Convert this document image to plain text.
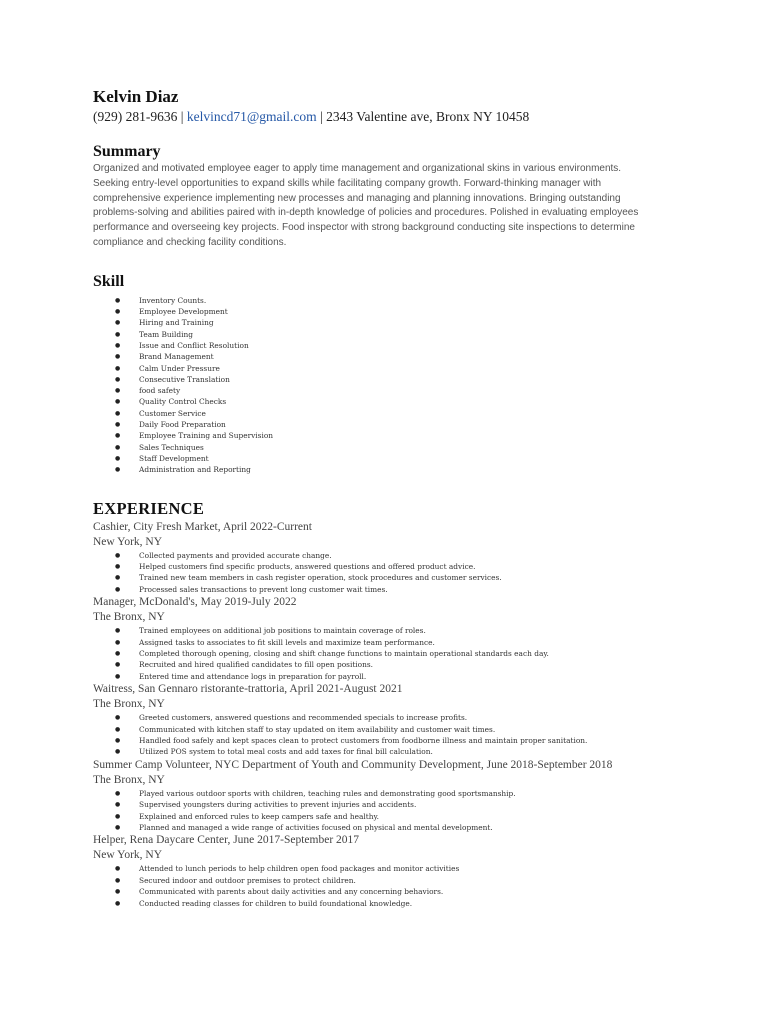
Kelvin Diaz

(929) 281-9636 | kelvincd71@gmail.com | 2343 Valentine ave, Bronx NY 10458

Summary

Organized and motivated employee eager to apply time management and organizational skins in various environments. Seeking entry-level opportunities to expand skills while facilitating company growth. Forward-thinking manager with comprehensive experience implementing new processes and managing and planning innovations. Bringing outstanding problems-solving and abilities paired with in-depth knowledge of policies and procedures. Polished in evaluating employees performance and overseeing key projects. Food inspector with strong background conducting site inspections to determine compliance and checking facility conditions.

Skill
●	Inventory Counts.
●	Employee Development
●	Hiring and Training
●	Team Building
●	Issue and Conflict Resolution
●	Brand Management
●	Calm Under Pressure
●	Consecutive Translation
●	food safety
●	Quality Control Checks
●	Customer Service
●	Daily Food Preparation
●	Employee Training and Supervision
●	Sales Techniques
●	Staff Development
●	Administration and Reporting
EXPERIENCE

Cashier, City Fresh Market, April 2022-Current

New York, NY

●	Collected payments and provided accurate change.
●	Helped customers find specific products, answered questions and offered product advice.
●	Trained new team members in cash register operation, stock procedures and customer services.
●	Processed sales transactions to prevent long customer wait times.

Manager, McDonald's, May 2019-July 2022

The Bronx, NY

●	Trained employees on additional job positions to maintain coverage of roles.
●	Assigned tasks to associates to fit skill levels and maximize team performance.
●	Completed thorough opening, closing and shift change functions to maintain operational standards each day.
●	Recruited and hired qualified candidates to fill open positions.
●	Entered time and attendance logs in preparation for payroll.

Waitress, San Gennaro ristorante-trattoria, April 2021-August 2021

The Bronx, NY

●	Greeted customers, answered questions and recommended specials to increase profits.
●	Communicated with kitchen staff to stay updated on item availability and customer wait times.
●	Handled food safely and kept spaces clean to protect customers from foodborne illness and maintain proper sanitation.
●	Utilized POS system to total meal costs and add taxes for final bill calculation.

Summer Camp Volunteer, NYC Department of Youth and Community Development, June 2018-September 2018

The Bronx, NY

●	Played various outdoor sports with children, teaching rules and demonstrating good sportsmanship.
●	Supervised youngsters during activities to prevent injuries and accidents.
●	Explained and enforced rules to keep campers safe and healthy.
●	Planned and managed a wide range of activities focused on physical and mental development.

Helper, Rena Daycare Center, June 2017-September 2017

New York, NY

●	Attended to lunch periods to help children open food packages and monitor activities
●	Secured indoor and outdoor premises to protect children.
●	Communicated with parents about daily activities and any concerning behaviors.
●	Conducted reading classes for children to build foundational knowledge.
